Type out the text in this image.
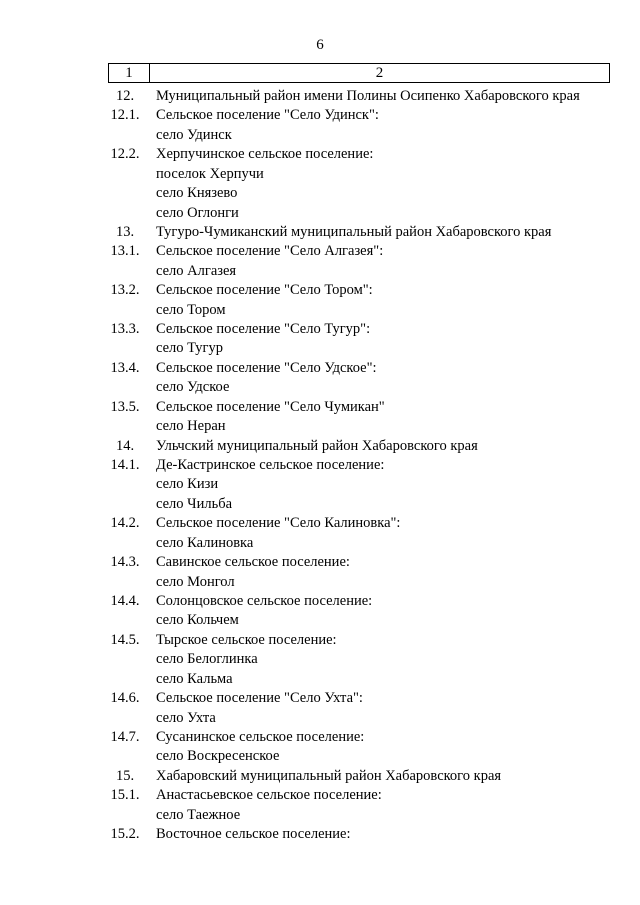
6
1	2
12.	Муниципальный район имени Полины Осипенко Хабаровского края
12.1.	Сельское поселение "Село Удинск":
село Удинск
12.2.	Херпучинское сельское поселение:
поселок Херпучи
село Князево
село Оглонги
13.	Тугуро-Чумиканский муниципальный район Хабаровского края
13.1.	Сельское поселение "Село Алгазея":
село Алгазея
13.2.	Сельское поселение "Село Тором":
село Тором
13.3.	Сельское поселение "Село Тугур":
село Тугур
13.4.	Сельское поселение "Село Удское":
село Удское
13.5.	Сельское поселение "Село Чумикан"
село Неран
14.	Ульчский муниципальный район Хабаровского края
14.1.	Де-Кастринское сельское поселение:
село Кизи
село Чильба
14.2.	Сельское поселение "Село Калиновка":
село Калиновка
14.3.	Савинское сельское поселение:
село Монгол
14.4.	Солонцовское сельское поселение:
село Кольчем
14.5.	Тырское сельское поселение:
село Белоглинка
село Кальма
14.6.	Сельское поселение "Село Ухта":
село Ухта
14.7.	Сусанинское сельское поселение:
село Воскресенское
15.	Хабаровский муниципальный район Хабаровского края
15.1.	Анастасьевское сельское поселение:
село Таежное
15.2.	Восточное сельское поселение:
